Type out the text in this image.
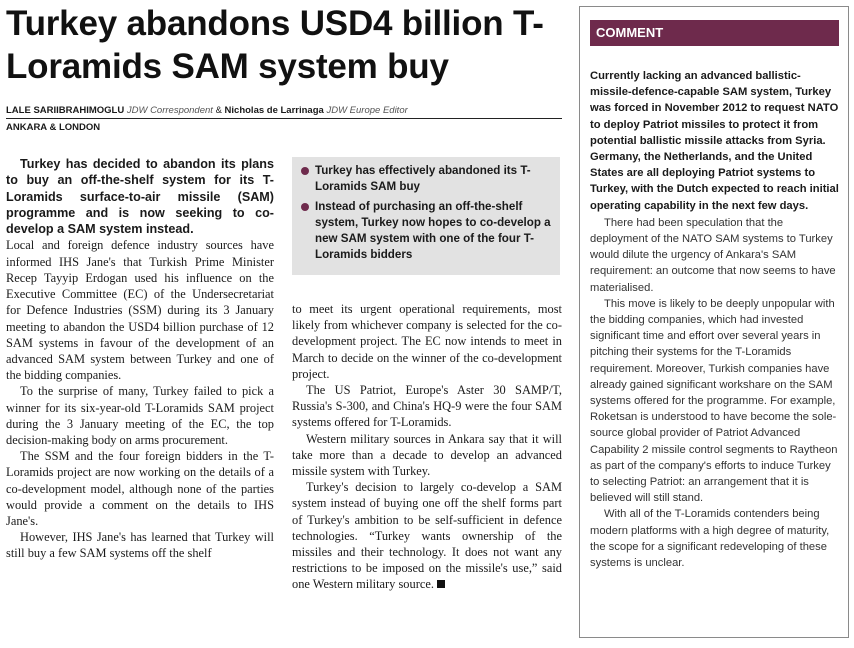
Turkey abandons USD4 billion T-Loramids SAM system buy
LALE SARIIBRAHIMOGLU JDW Correspondent & Nicholas de Larrinaga JDW Europe Editor
ANKARA & LONDON

Turkey has decided to abandon its plans to buy an off-the-shelf system for its T-Loramids surface-to-air missile (SAM) programme and is now seeking to co-develop a SAM system instead.

Local and foreign defence industry sources have informed IHS Jane's that Turkish Prime Minister Recep Tayyip Erdogan used his influence on the Executive Committee (EC) of the Undersecretariat for Defence Industries (SSM) during its 3 January meeting to abandon the USD4 billion purchase of 12 SAM systems in favour of the development of an advanced SAM system between Turkey and one of the bidding companies.

To the surprise of many, Turkey failed to pick a winner for its six-year-old T-Loramids SAM project during the 3 January meeting of the EC, the top decision-making body on arms procurement.

The SSM and the four foreign bidders in the T-Loramids project are now working on the details of a co-development model, although none of the parties would provide a comment on the details to IHS Jane's.

However, IHS Jane's has learned that Turkey will still buy a few SAM systems off the shelf

Turkey has effectively abandoned its T-Loramids SAM buy
Instead of purchasing an off-the-shelf system, Turkey now hopes to co-develop a new SAM system with one of the four T-Loramids bidders

to meet its urgent operational requirements, most likely from whichever company is selected for the co-development project. The EC now intends to meet in March to decide on the winner of the co-development project.

The US Patriot, Europe's Aster 30 SAMP/T, Russia's S-300, and China's HQ-9 were the four SAM systems offered for T-Loramids.

Western military sources in Ankara say that it will take more than a decade to develop an advanced missile system with Turkey.

Turkey's decision to largely co-develop a SAM system instead of buying one off the shelf forms part of Turkey's ambition to be self-sufficient in defence technologies. “Turkey wants ownership of the missiles and their technology. It does not want any restrictions to be imposed on the missile's use,” said one Western military source.

COMMENT

Currently lacking an advanced ballistic-missile-defence-capable SAM system, Turkey was forced in November 2012 to request NATO to deploy Patriot missiles to protect it from potential ballistic missile attacks from Syria. Germany, the Netherlands, and the United States are all deploying Patriot systems to Turkey, with the Dutch expected to reach initial operating capability in the next few days.

There had been speculation that the deployment of the NATO SAM systems to Turkey would dilute the urgency of Ankara's SAM requirement: an outcome that now seems to have materialised.

This move is likely to be deeply unpopular with the bidding companies, which had invested significant time and effort over several years in pitching their systems for the T-Loramids requirement. Moreover, Turkish companies have already gained significant workshare on the SAM systems offered for the programme. For example, Roketsan is understood to have become the sole-source global provider of Patriot Advanced Capability 2 missile control segments to Raytheon as part of the company's efforts to induce Turkey to selecting Patriot: an arrangement that it is believed will still stand.

With all of the T-Loramids contenders being modern platforms with a high degree of maturity, the scope for a significant redeveloping of these systems is unclear.
